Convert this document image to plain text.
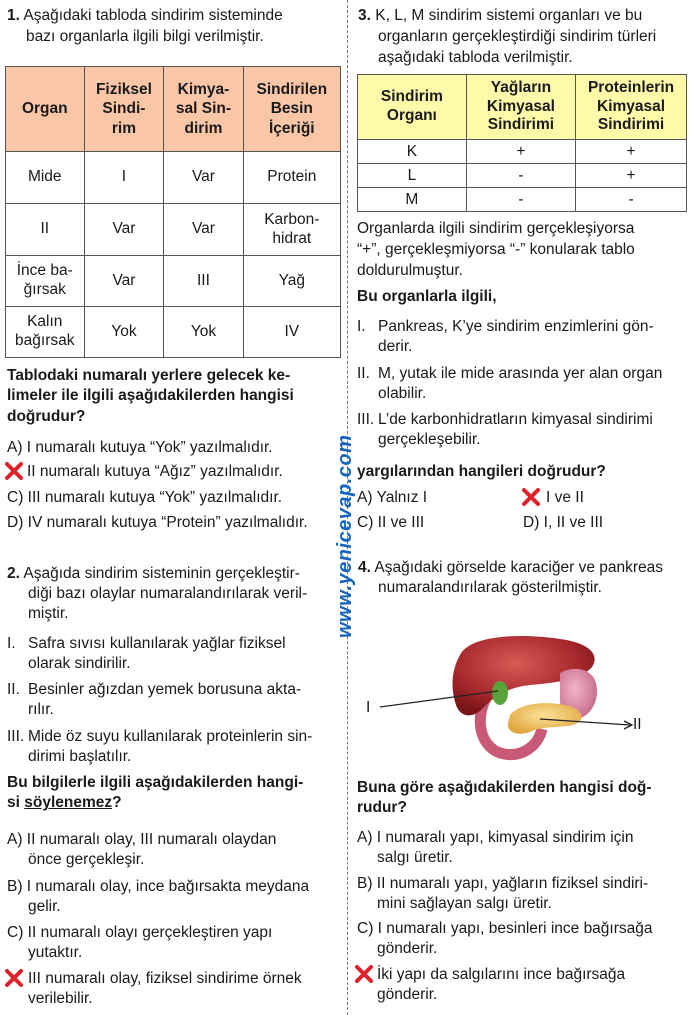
www.yenicevap.com
1. Aşağıdaki tabloda sindirim sisteminde
bazı organlarla ilgili bilgi verilmiştir.
Organ	Fiziksel
Sindi-
rim	Kimya-
sal Sin-
dirim	Sindirilen
Besin
İçeriği
Mide	I	Var	Protein
II	Var	Var	Karbon-
hidrat
İnce ba-
ğırsak	Var	III	Yağ
Kalın
bağırsak	Yok	Yok	IV
Tablodaki numaralı yerlere gelecek ke-
limeler ile ilgili aşağıdakilerden hangisi
doğrudur?
A) I numaralı kutuya “Yok” yazılmalıdır.
II numaralı kutuya “Ağız” yazılmalıdır.
C) III numaralı kutuya “Yok” yazılmalıdır.
D) IV numaralı kutuya “Protein” yazılmalıdır.
2. Aşağıda sindirim sisteminin gerçekleştir-
diği bazı olaylar numaralandırılarak veril-
miştir.
I. Safra sıvısı kullanılarak yağlar fiziksel
olarak sindirilir.
II. Besinler ağızdan yemek borusuna akta-
rılır.
III. Mide öz suyu kullanılarak proteinlerin sin-
dirimi başlatılır.
Bu bilgilerle ilgili aşağıdakilerden hangi-
si söylenemez?
A) II numaralı olay, III numaralı olaydan
önce gerçekleşir.
B) I numaralı olay, ince bağırsakta meydana
gelir.
C) II numaralı olayı gerçekleştiren yapı
yutaktır.
III numaralı olay, fiziksel sindirime örnek
verilebilir.
3. K, L, M sindirim sistemi organları ve bu
organların gerçekleştirdiği sindirim türleri
aşağıdaki tabloda verilmiştir.
Sindirim
Organı	Yağların
Kimyasal
Sindirimi	Proteinlerin
Kimyasal
Sindirimi
K	+	+
L	-	+
M	-	-
Organlarda ilgili sindirim gerçekleşiyorsa
“+”, gerçekleşmiyorsa “-” konularak tablo
doldurulmuştur.
Bu organlarla ilgili,
I. Pankreas, K’ye sindirim enzimlerini gön-
derir.
II. M, yutak ile mide arasında yer alan organ
olabilir.
III. L’de karbonhidratların kimyasal sindirimi
gerçekleşebilir.
yargılarından hangileri doğrudur?
A) Yalnız I	I ve II
C) II ve III	D) I, II ve III
4. Aşağıdaki görselde karaciğer ve pankreas
numaralandırılarak gösterilmiştir.
I
II
Buna göre aşağıdakilerden hangisi doğ-
rudur?
A) I numaralı yapı, kimyasal sindirim için
salgı üretir.
B) II numaralı yapı, yağların fiziksel sindiri-
mini sağlayan salgı üretir.
C) I numaralı yapı, besinleri ince bağırsağa
gönderir.
İki yapı da salgılarını ince bağırsağa
gönderir.
